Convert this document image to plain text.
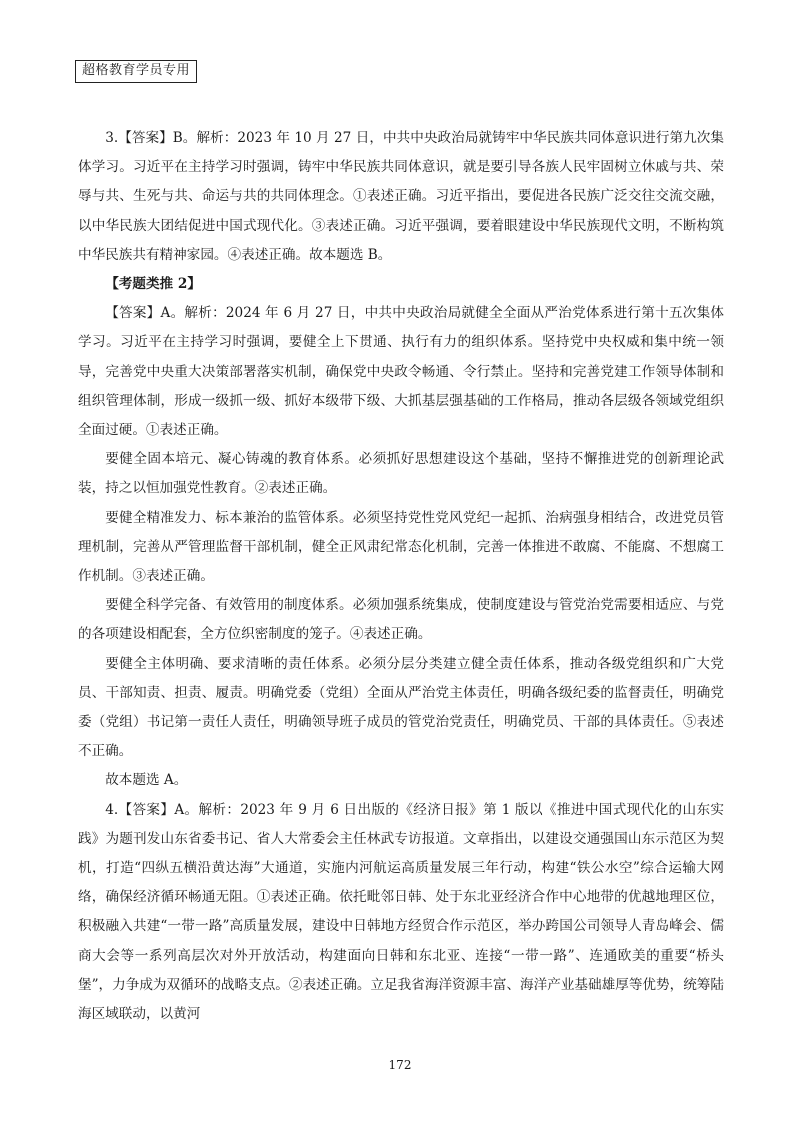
超格教育学员专用

3.【答案】B。解析：2023 年 10 月 27 日，中共中央政治局就铸牢中华民族共同体意识进行第九次集体学习。习近平在主持学习时强调，铸牢中华民族共同体意识，就是要引导各族人民牢固树立休戚与共、荣辱与共、生死与共、命运与共的共同体理念。①表述正确。习近平指出，要促进各民族广泛交往交流交融，以中华民族大团结促进中国式现代化。③表述正确。习近平强调，要着眼建设中华民族现代文明，不断构筑中华民族共有精神家园。④表述正确。故本题选 B。

【考题类推 2】

【答案】A。解析：2024 年 6 月 27 日，中共中央政治局就健全全面从严治党体系进行第十五次集体学习。习近平在主持学习时强调，要健全上下贯通、执行有力的组织体系。坚持党中央权威和集中统一领导，完善党中央重大决策部署落实机制，确保党中央政令畅通、令行禁止。坚持和完善党建工作领导体制和组织管理体制，形成一级抓一级、抓好本级带下级、大抓基层强基础的工作格局，推动各层级各领域党组织全面过硬。①表述正确。

要健全固本培元、凝心铸魂的教育体系。必须抓好思想建设这个基础，坚持不懈推进党的创新理论武装，持之以恒加强党性教育。②表述正确。

要健全精准发力、标本兼治的监管体系。必须坚持党性党风党纪一起抓、治病强身相结合，改进党员管理机制，完善从严管理监督干部机制，健全正风肃纪常态化机制，完善一体推进不敢腐、不能腐、不想腐工作机制。③表述正确。

要健全科学完备、有效管用的制度体系。必须加强系统集成，使制度建设与管党治党需要相适应、与党的各项建设相配套，全方位织密制度的笼子。④表述正确。

要健全主体明确、要求清晰的责任体系。必须分层分类建立健全责任体系，推动各级党组织和广大党员、干部知责、担责、履责。明确党委（党组）全面从严治党主体责任，明确各级纪委的监督责任，明确党委（党组）书记第一责任人责任，明确领导班子成员的管党治党责任，明确党员、干部的具体责任。⑤表述不正确。

故本题选 A。

4.【答案】A。解析：2023 年 9 月 6 日出版的《经济日报》第 1 版以《推进中国式现代化的山东实践》为题刊发山东省委书记、省人大常委会主任林武专访报道。文章指出，以建设交通强国山东示范区为契机，打造“四纵五横沿黄达海”大通道，实施内河航运高质量发展三年行动，构建“铁公水空”综合运输大网络，确保经济循环畅通无阻。①表述正确。依托毗邻日韩、处于东北亚经济合作中心地带的优越地理区位，积极融入共建“一带一路”高质量发展，建设中日韩地方经贸合作示范区，举办跨国公司领导人青岛峰会、儒商大会等一系列高层次对外开放活动，构建面向日韩和东北亚、连接“一带一路”、连通欧美的重要“桥头堡”，力争成为双循环的战略支点。②表述正确。立足我省海洋资源丰富、海洋产业基础雄厚等优势，统筹陆海区域联动，以黄河

172
